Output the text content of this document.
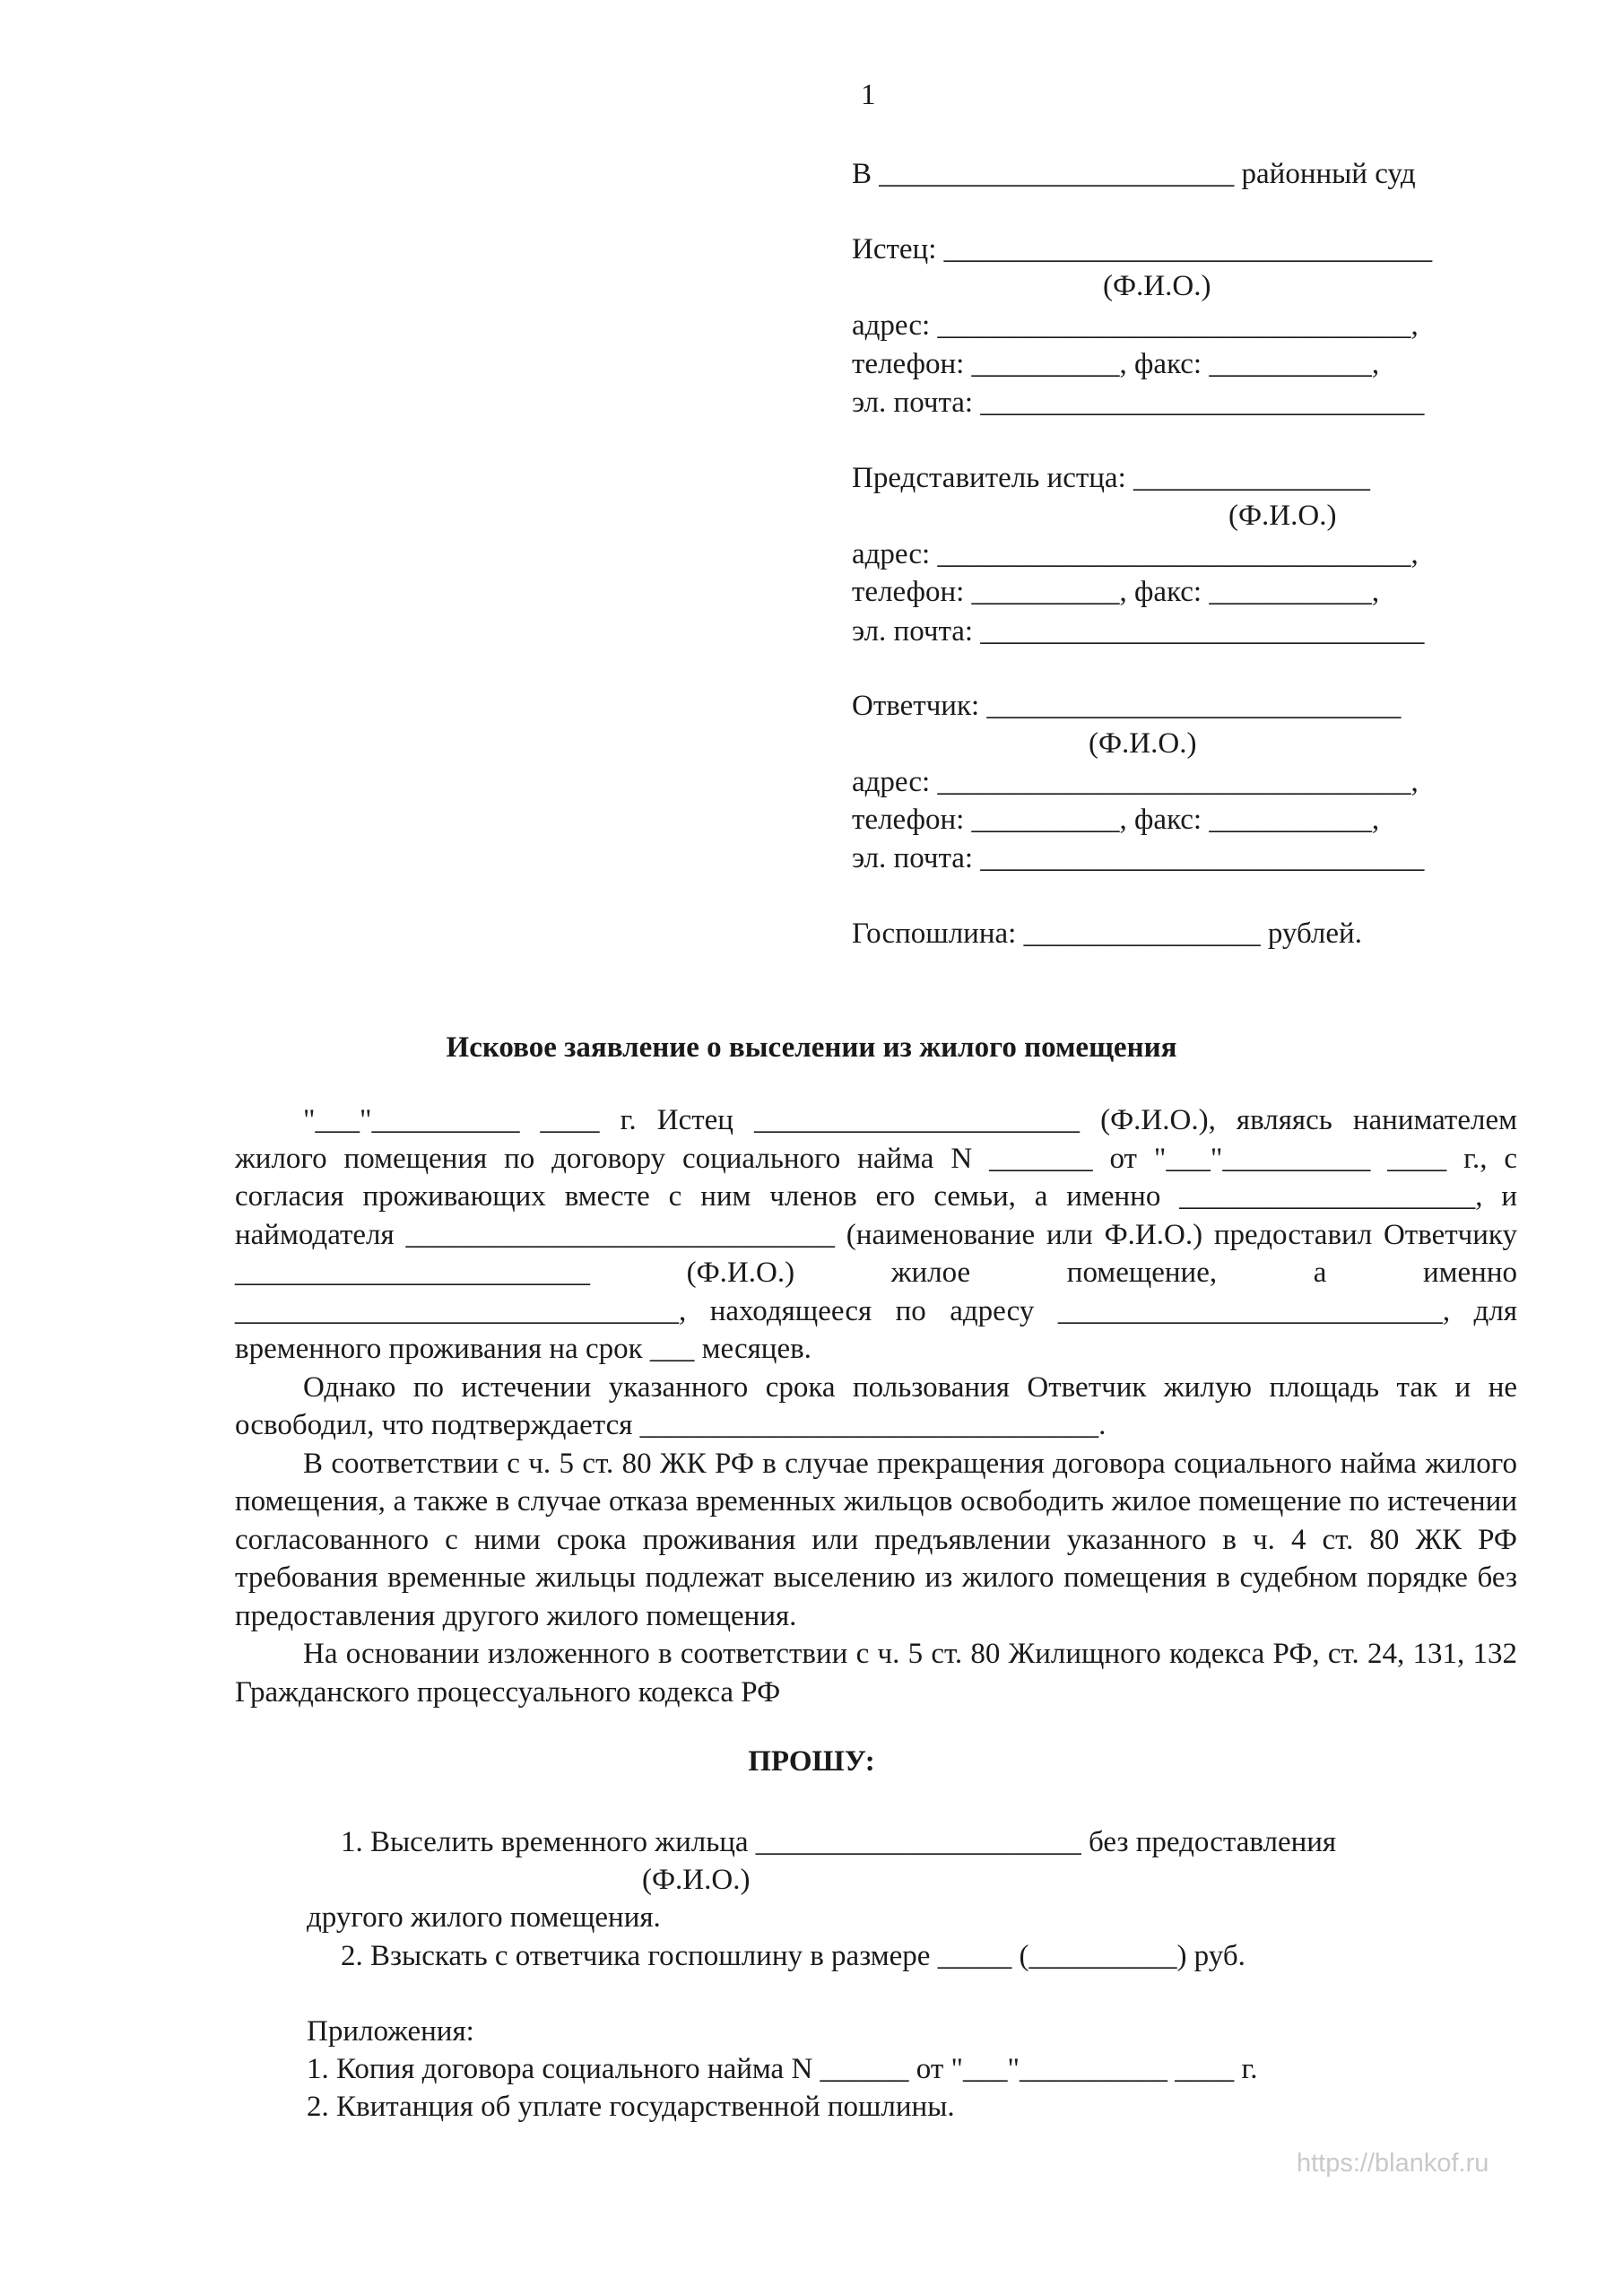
1
В ________________________ районный суд
Истец: _________________________________
(Ф.И.О.)
адрес: ________________________________,
телефон: __________, факс: ___________,
эл. почта: ______________________________
Представитель истца: ________________
(Ф.И.О.)
адрес: ________________________________,
телефон: __________, факс: ___________,
эл. почта: ______________________________
Ответчик: ____________________________
(Ф.И.О.)
адрес: ________________________________,
телефон: __________, факс: ___________,
эл. почта: ______________________________
Госпошлина: ________________ рублей.
Исковое заявление о выселении из жилого помещения

"___"__________ ____ г. Истец ______________________ (Ф.И.О.), являясь нанимателем жилого помещения по договору социального найма N _______ от "___"__________ ____ г., с согласия проживающих вместе с ним членов его семьи, а именно ____________________, и наймодателя _____________________________ (наименование или Ф.И.О.) предоставил Ответчику ________________________ (Ф.И.О.) жилое помещение, а именно ______________________________, находящееся по адресу __________________________, для временного проживания на срок ___ месяцев.

Однако по истечении указанного срока пользования Ответчик жилую площадь так и не освободил, что подтверждается _______________________________.

В соответствии с ч. 5 ст. 80 ЖК РФ в случае прекращения договора социального найма жилого помещения, а также в случае отказа временных жильцов освободить жилое помещение по истечении согласованного с ними срока проживания или предъявлении указанного в ч. 4 ст. 80 ЖК РФ требования временные жильцы подлежат выселению из жилого помещения в судебном порядке без предоставления другого жилого помещения.

На основании изложенного в соответствии с ч. 5 ст. 80 Жилищного кодекса РФ, ст. 24, 131, 132 Гражданского процессуального кодекса РФ

ПРОШУ:
1. Выселить временного жильца ______________________ без предоставления
(Ф.И.О.)
другого жилого помещения.
2. Взыскать с ответчика госпошлину в размере _____ (__________) руб.
Приложения:
1. Копия договора социального найма N ______ от "___"__________ ____ г.
2. Квитанция об уплате государственной пошлины.
https://blankof.ru
